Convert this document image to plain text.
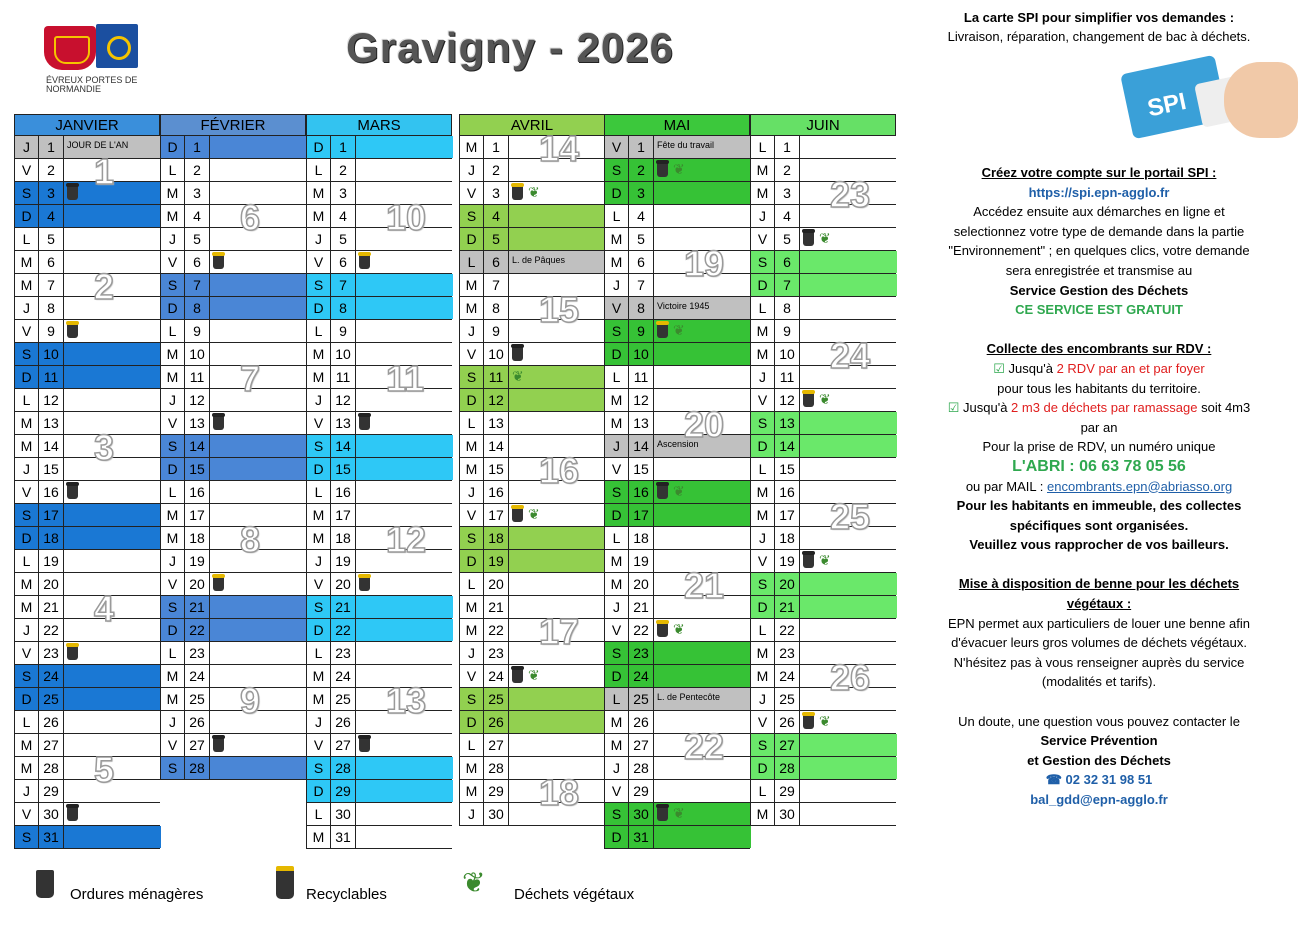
ÉVREUX PORTES DE NORMANDIE
Gravigny - 2026
JANVIER
J	1	JOUR DE L'AN
V	2
S	3
D	4
L	5
M	6
M	7
J	8
V	9
S 10
D 11
L 12
M 13
M 14
J 15
V 16
S 17
D 18
L 19
M 20
M 21
J 22
V 23
S 24
D 25
L 26
M 27
M 28
J 29
V 30
S 31
FÉVRIER
D	1
L	2
M	3
M	4
J	5
V	6
S	7
D	8
L	9
M 10
M 11
J 12
V 13
S 14
D 15
L 16
M 17
M 18
J 19
V 20
S 21
D 22
L 23
M 24
M 25
J 26
V 27
S 28
MARS
D	1
L	2
M	3
M	4
J	5
V	6
S	7
D	8
L	9
M 10
M 11
J 12
V 13
S 14
D 15
L 16
M 17
M 18
J 19
V 20
S 21
D 22
L 23
M 24
M 25
J 26
V 27
S 28
D 29
L 30
M 31
AVRIL
M	1
J	2
V	3	❦
S	4
D	5
L	6	L. de Pâques
M	7
M	8
J	9
V 10
S 11 ❦
D 12
L 13
M 14
M 15
J 16
V 17	❦
S 18
D 19
L 20
M 21
M 22
J 23
V 24	❦
S 25
D 26
L 27
M 28
M 29
J 30
MAI
V	1	Fête du travail
S	2	❦
D	3
L	4
M	5
M	6
J	7
V	8	Victoire 1945
S	9	❦
D 10
L 11
M 12
M 13
J 14 Ascension
V 15
S 16	❦
D 17
L 18
M 19
M 20
J 21
V 22	❦
S 23
D 24
L 25 L. de Pentecôte
M 26
M 27
J 28
V 29
S 30	❦
D 31
JUIN
L	1
M	2
M	3
J	4
V	5	❦
S	6
D	7
L	8
M	9
M 10
J 11
V 12	❦
S 13
D 14
L 15
M 16
M 17
J 18
V 19	❦
S 20
D 21
L 22
M 23
M 24
J 25
V 26	❦
S 27
D 28
L 29
M 30
1
2
3
4
5
6
7
8
9
10
11
12
13
14
15
16
17
18
19
20
21
22
23
24
25
26
Ordures ménagères	Recyclables	❦ Déchets végétaux
SPI
La carte SPI pour simplifier vos demandes :
Livraison, réparation, changement de bac à déchets.
Créez votre compte sur le portail SPI :
https://spi.epn-agglo.fr
Accédez ensuite aux démarches en ligne et
selectionnez votre type de demande dans la partie
"Environnement" ; en quelques clics, votre demande
sera enregistrée et transmise au
Service Gestion des Déchets
CE SERVICE EST GRATUIT
Collecte des encombrants sur RDV :
☑ Jusqu'à 2 RDV par an et par foyer
pour tous les habitants du territoire.
☑ Jusqu'à 2 m3 de déchets par ramassage soit 4m3
par an
Pour la prise de RDV, un numéro unique
L'ABRI : 06 63 78 05 56
ou par MAIL : encombrants.epn@abriasso.org
Pour les habitants en immeuble, des collectes
spécifiques sont organisées.
Veuillez vous rapprocher de vos bailleurs.
Mise à disposition de benne pour les déchets
végétaux :
EPN permet aux particuliers de louer une benne afin
d'évacuer leurs gros volumes de déchets végétaux.
N'hésitez pas à vous renseigner auprès du service
(modalités et tarifs).
Un doute, une question vous pouvez contacter le
Service Prévention
et Gestion des Déchets
☎ 02 32 31 98 51
bal_gdd@epn-agglo.fr
